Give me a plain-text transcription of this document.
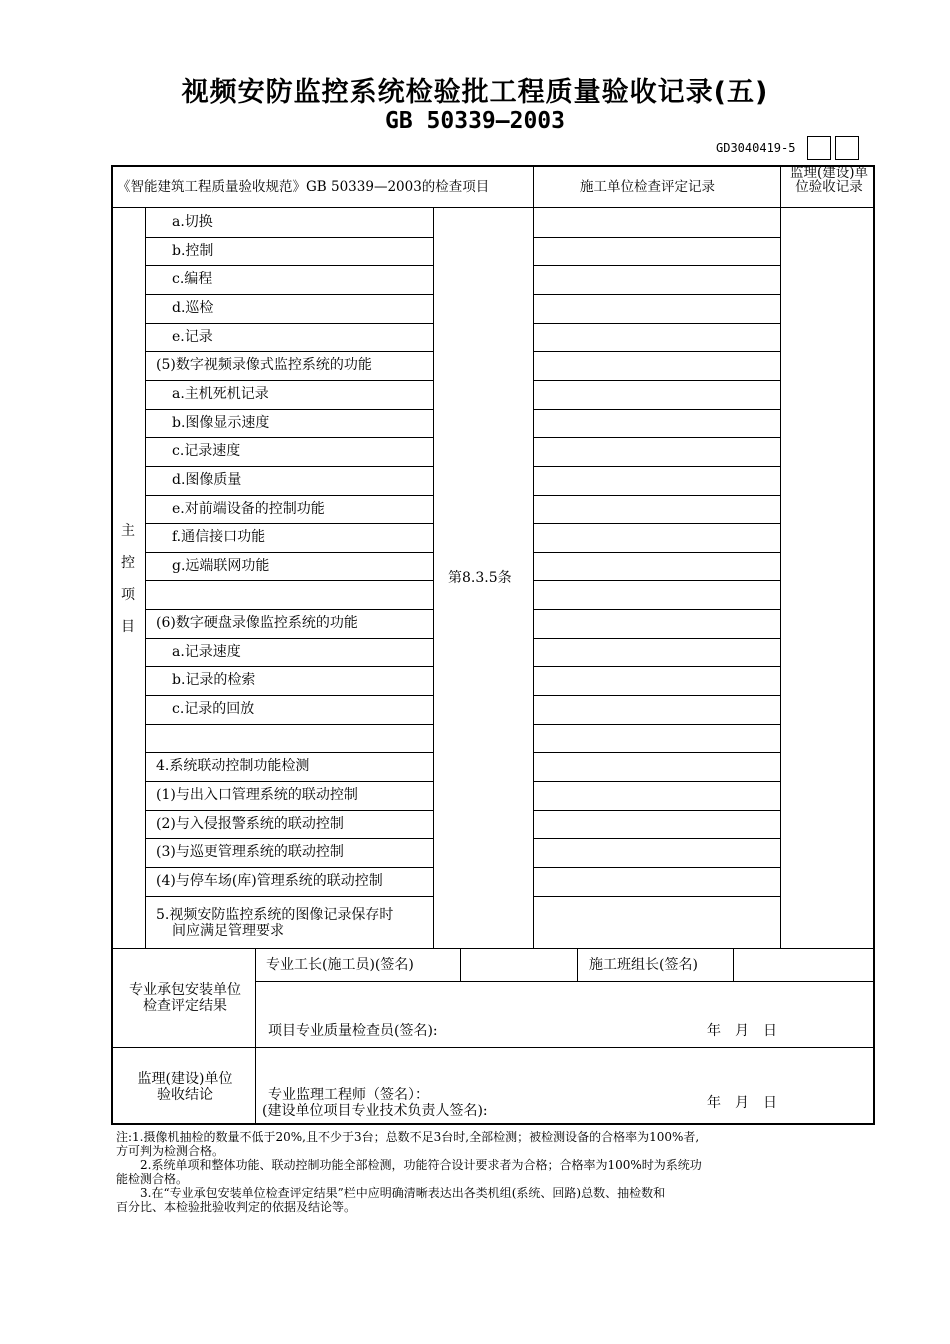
视频安防监控系统检验批工程质量验收记录(五)
GB 50339—2003
GD3040419-5
《智能建筑工程质量验收规范》GB 50339—2003的检查项目	施工单位检查评定记录
监理(建设)单位验收记录
主
控
项
目
第8.3.5条
a.切换
b.控制
c.编程
d.巡检
e.记录
(5)数字视频录像式监控系统的功能
a.主机死机记录
b.图像显示速度
c.记录速度
d.图像质量
e.对前端设备的控制功能
f.通信接口功能
g.远端联网功能
(6)数字硬盘录像监控系统的功能
a.记录速度
b.记录的检索
c.记录的回放
4.系统联动控制功能检测
(1)与出入口管理系统的联动控制
(2)与入侵报警系统的联动控制
(3)与巡更管理系统的联动控制
(4)与停车场(库)管理系统的联动控制
5.视频安防监控系统的图像记录保存时
间应满足管理要求
专业承包安装单位
检查评定结果
专业工长(施工员)(签名)	施工班组长(签名)
项目专业质量检查员(签名):	年　月　日
监理(建设)单位
验收结论	专业监理工程师（签名）：
(建设单位项目专业技术负责人签名):	年　月　日
注:1.摄像机抽检的数量不低于20%,且不少于3台；总数不足3台时,全部检测；被检测设备的合格率为100%者,
方可判为检测合格。
　　2.系统单项和整体功能、联动控制功能全部检测，功能符合设计要求者为合格；合格率为100%时为系统功
能检测合格。
　　3.在“专业承包安装单位检查评定结果”栏中应明确清晰表达出各类机组(系统、回路)总数、抽检数和
百分比、本检验批验收判定的依据及结论等。
